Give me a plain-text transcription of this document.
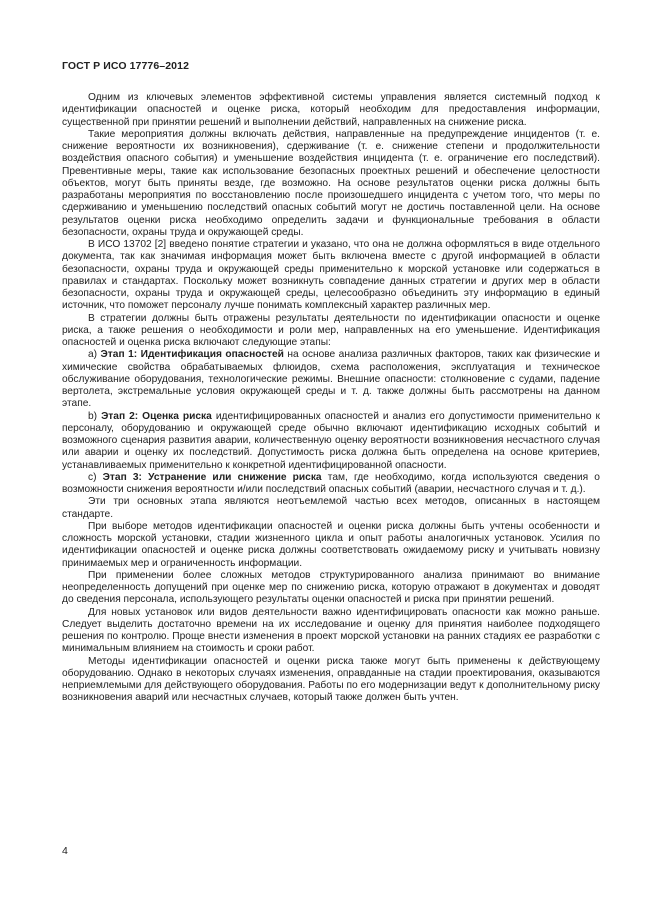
ГОСТ Р ИСО 17776–2012

Одним из ключевых элементов эффективной системы управления является системный подход к идентификации опасностей и оценке риска, который необходим для предоставления информации, существенной при принятии решений и выполнении действий, направленных на снижение риска.

Такие мероприятия должны включать действия, направленные на предупреждение инцидентов (т. е. снижение вероятности их возникновения), сдерживание (т. е. снижение степени и продолжительности воздействия опасного события) и уменьшение воздействия инцидента (т. е. ограничение его последствий). Превентивные меры, такие как использование безопасных проектных решений и обеспечение целостности объектов, могут быть приняты везде, где возможно. На основе результатов оценки риска должны быть разработаны мероприятия по восстановлению после произошедшего инцидента с учетом того, что меры по сдерживанию и уменьшению последствий опасных событий могут не достичь поставленной цели. На основе результатов оценки риска необходимо определить задачи и функциональные требования в области безопасности, охраны труда и окружающей среды.

В ИСО 13702 [2] введено понятие стратегии и указано, что она не должна оформляться в виде отдельного документа, так как значимая информация может быть включена вместе с другой информацией в области безопасности, охраны труда и окружающей среды применительно к морской установке или содержаться в правилах и стандартах. Поскольку может возникнуть совпадение данных стратегии и других мер в области безопасности, охраны труда и окружающей среды, целесообразно объединить эту информацию в единый источник, что поможет персоналу лучше понимать комплексный характер различных мер.

В стратегии должны быть отражены результаты деятельности по идентификации опасности и оценке риска, а также решения о необходимости и роли мер, направленных на его уменьшение. Идентификация опасностей и оценка риска включают следующие этапы:

a) Этап 1: Идентификация опасностей на основе анализа различных факторов, таких как физические и химические свойства обрабатываемых флюидов, схема расположения, эксплуатация и техническое обслуживание оборудования, технологические режимы. Внешние опасности: столкновение с судами, падение вертолета, экстремальные условия окружающей среды и т. д. также должны быть рассмотрены на данном этапе.

b) Этап 2: Оценка риска идентифицированных опасностей и анализ его допустимости применительно к персоналу, оборудованию и окружающей среде обычно включают идентификацию исходных событий и возможного сценария развития аварии, количественную оценку вероятности возникновения несчастного случая или аварии и оценку их последствий. Допустимость риска должна быть определена на основе критериев, устанавливаемых применительно к конкретной идентифицированной опасности.

c) Этап 3: Устранение или снижение риска там, где необходимо, когда используются сведения о возможности снижения вероятности и/или последствий опасных событий (аварии, несчастного случая и т. д.).

Эти три основных этапа являются неотъемлемой частью всех методов, описанных в настоящем стандарте.

При выборе методов идентификации опасностей и оценки риска должны быть учтены особенности и сложность морской установки, стадии жизненного цикла и опыт работы аналогичных установок. Усилия по идентификации опасностей и оценке риска должны соответствовать ожидаемому риску и учитывать новизну принимаемых мер и ограниченность информации.

При применении более сложных методов структурированного анализа принимают во внимание неопределенность допущений при оценке мер по снижению риска, которую отражают в документах и доводят до сведения персонала, использующего результаты оценки опасностей и риска при принятии решений.

Для новых установок или видов деятельности важно идентифицировать опасности как можно раньше. Следует выделить достаточно времени на их исследование и оценку для принятия наиболее подходящего решения по контролю. Проще внести изменения в проект морской установки на ранних стадиях ее разработки с минимальным влиянием на стоимость и сроки работ.

Методы идентификации опасностей и оценки риска также могут быть применены к действующему оборудованию. Однако в некоторых случаях изменения, оправданные на стадии проектирования, оказываются неприемлемыми для действующего оборудования. Работы по его модернизации ведут к дополнительному риску возникновения аварий или несчастных случаев, который также должен быть учтен.

4
